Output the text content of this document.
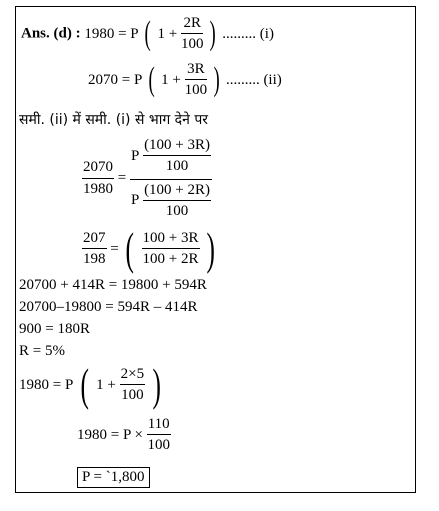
Ans. (d) : 1980 = P ( $1 + \frac{2R}{100}$ ) ......... (i)
2070 = P ( $1 + \frac{3R}{100}$ ) ......... (ii)
समी. (ii) में समी. (i) से भाग देने पर
$\frac{2070}{1980} = \frac{P \frac{(100 + 3R)}{100}}{P \frac{(100 + 2R)}{100}}$
$\frac{207}{198}$ = ( $\frac{100 + 3R}{100 + 2R}$ )
20700 + 414R = 19800 + 594R
20700–19800 = 594R – 414R
900 = 180R
R = 5%
1980 = P ( $1 + \frac{2\times 5}{100}$ )
$1980 = P \times \frac{110}{100}$
P = `1,800
